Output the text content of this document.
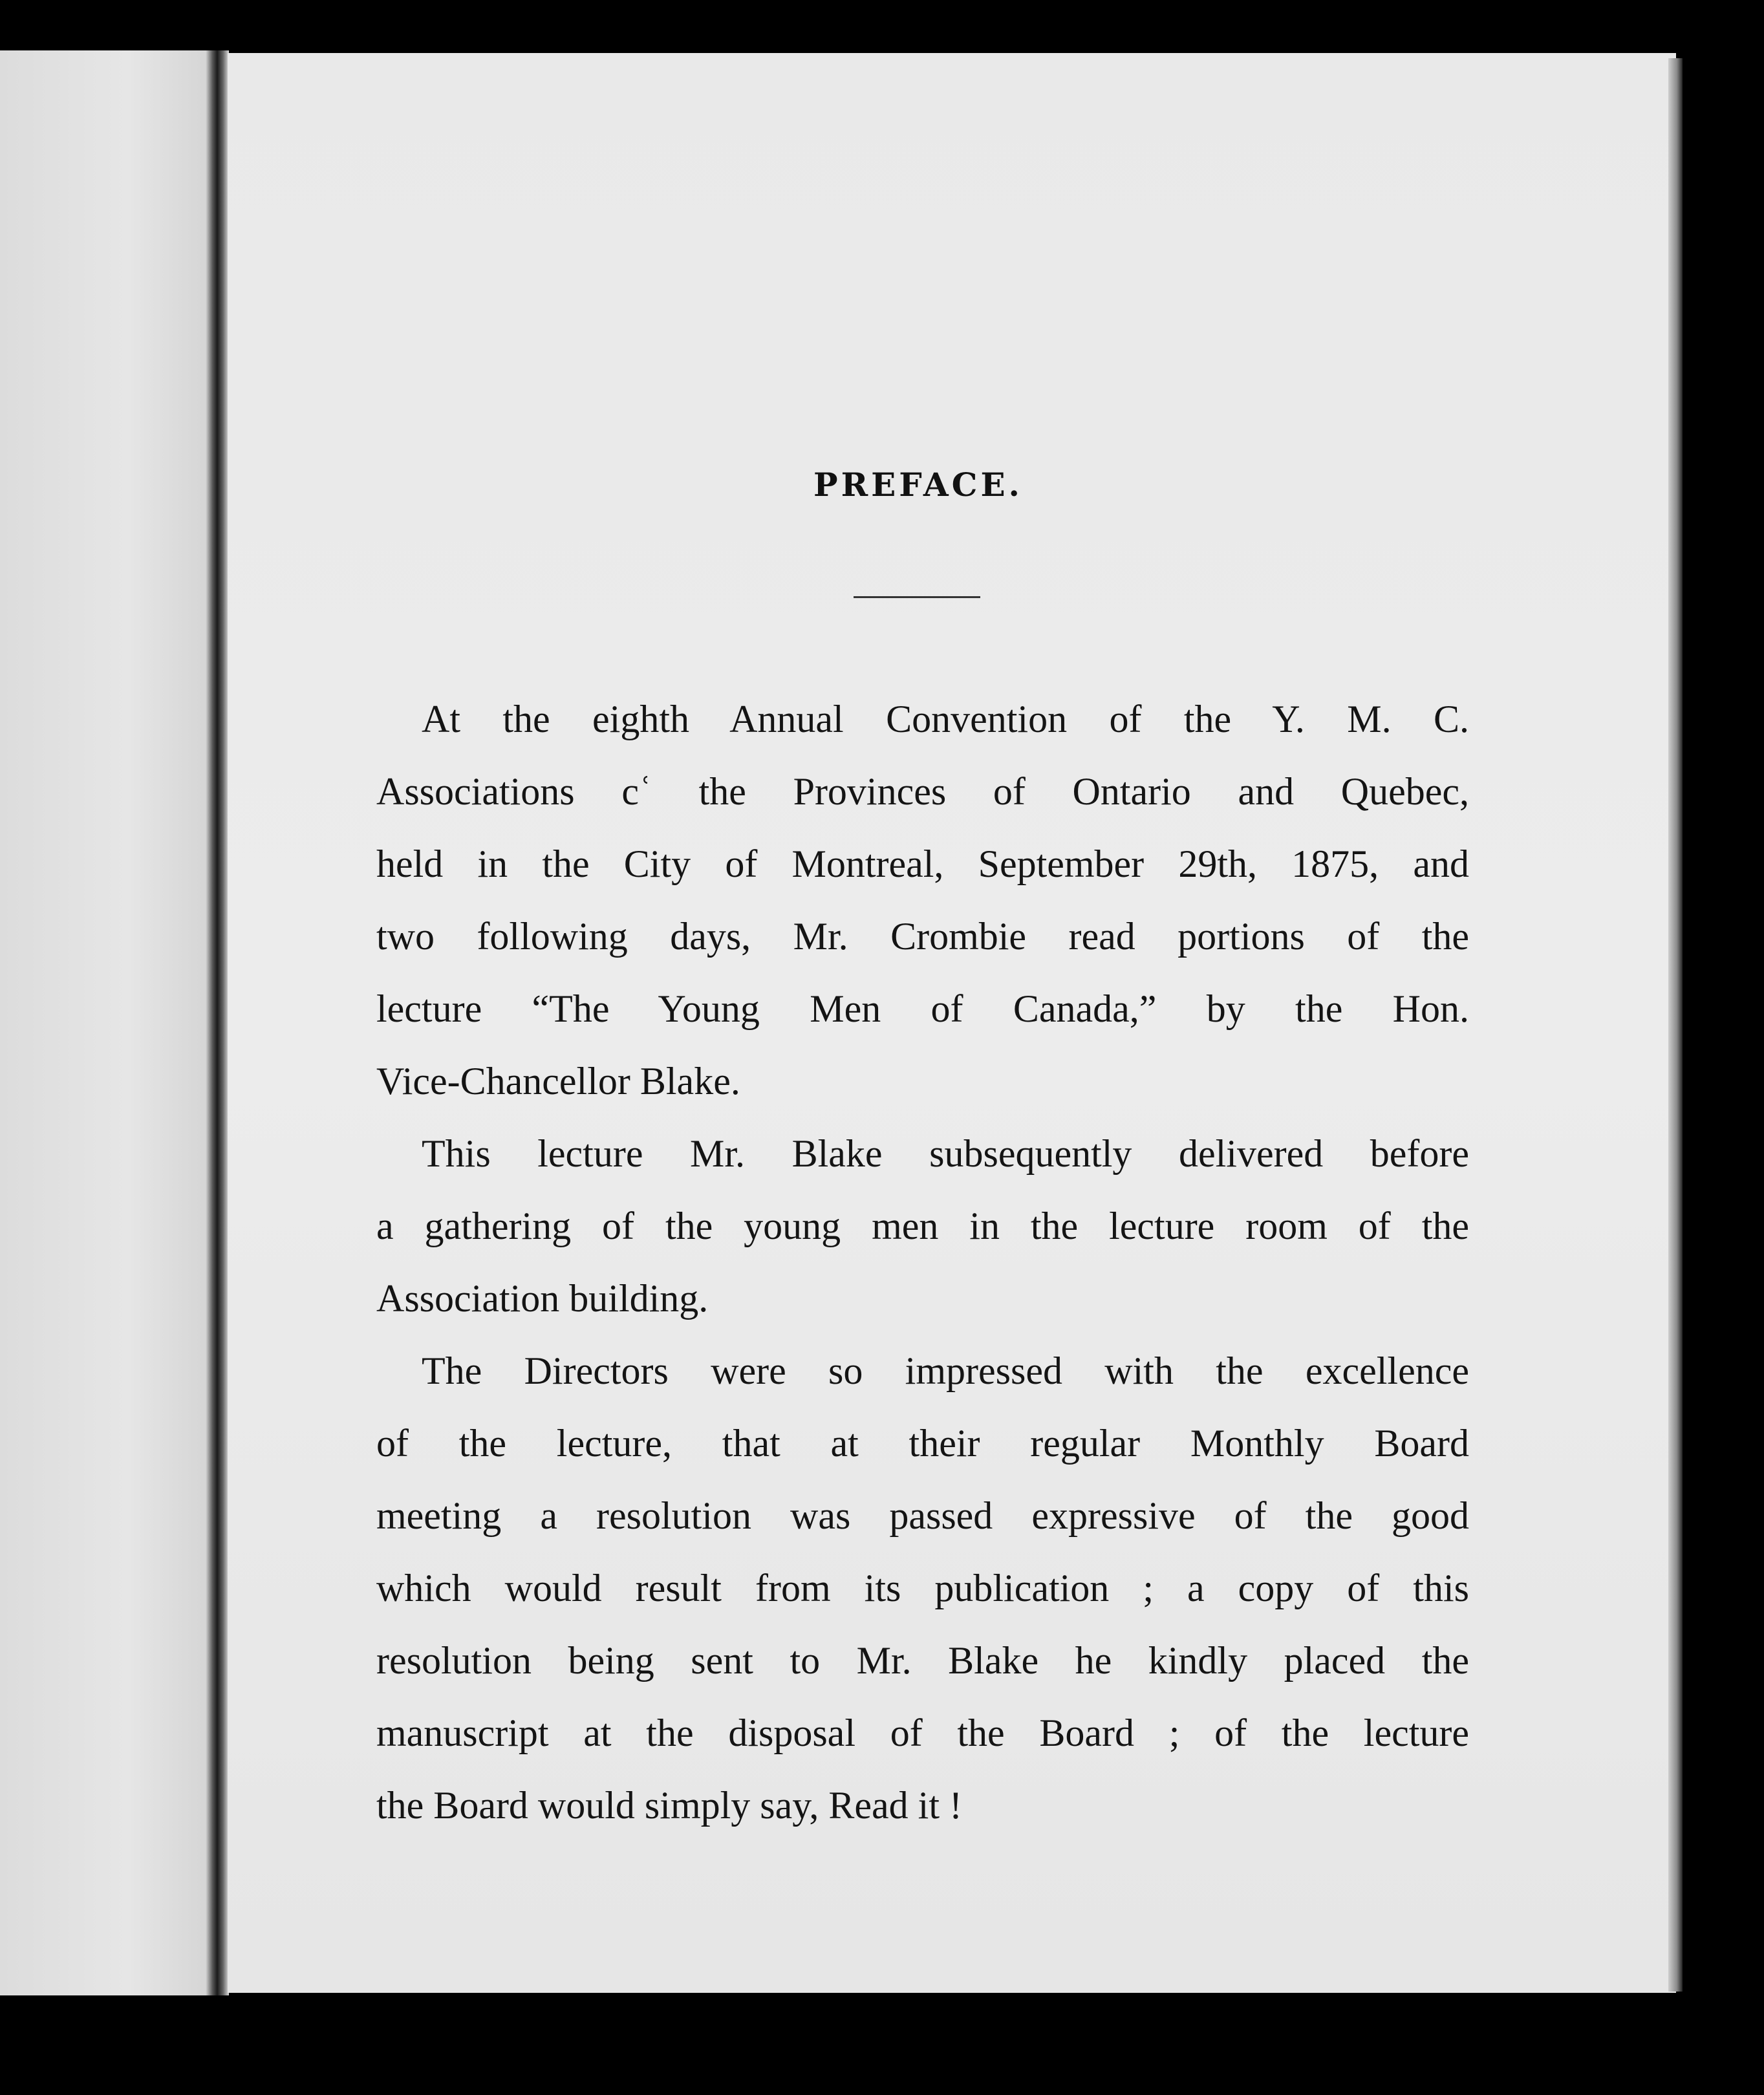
PREFACE.
At the eighth Annual Convention of the Y. M. C.
Associations cʿ the Provinces of Ontario and Quebec,
held in the City of Montreal, September 29th, 1875, and
two following days, Mr. Crombie read portions of the
lecture “The Young Men of Canada,” by the Hon.
Vice-Chancellor Blake.
This lecture Mr. Blake subsequently delivered before
a gathering of the young men in the lecture room of the
Association building.
The Directors were so impressed with the excellence
of the lecture, that at their regular Monthly Board
meeting a resolution was passed expressive of the good
which would result from its publication ; a copy of this
resolution being sent to Mr. Blake he kindly placed the
manuscript at the disposal of the Board ; of the lecture
the Board would simply say, Read it !
